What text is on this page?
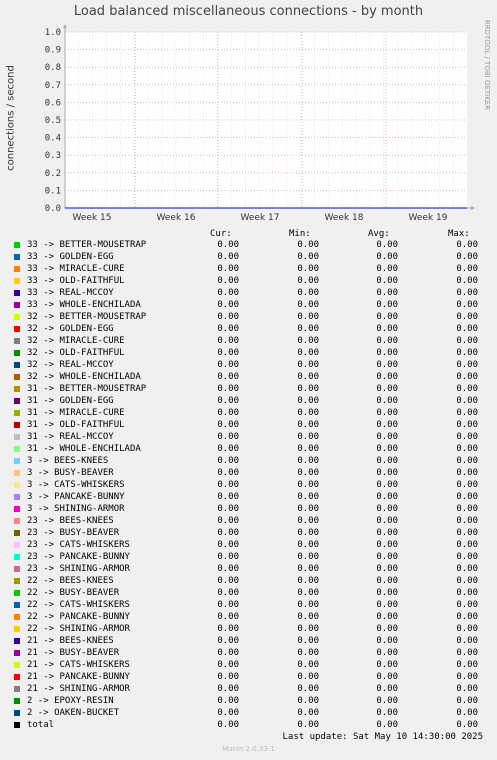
Load balanced miscellaneous connections - by month
connections / second
RRDTOOL / TOBI OETIKER
0.0
0.1
0.2
0.3
0.4
0.5
0.6
0.7
0.8
0.9
1.0
Week 15	Week 16	Week 17	Week 18	Week 19
Cur:	Min:	Avg:	Max:
33 -> BETTER-MOUSETRAP	0.00	0.00	0.00	0.00
33 -> GOLDEN-EGG	0.00	0.00	0.00	0.00
33 -> MIRACLE-CURE	0.00	0.00	0.00	0.00
33 -> OLD-FAITHFUL	0.00	0.00	0.00	0.00
33 -> REAL-MCCOY	0.00	0.00	0.00	0.00
33 -> WHOLE-ENCHILADA	0.00	0.00	0.00	0.00
32 -> BETTER-MOUSETRAP	0.00	0.00	0.00	0.00
32 -> GOLDEN-EGG	0.00	0.00	0.00	0.00
32 -> MIRACLE-CURE	0.00	0.00	0.00	0.00
32 -> OLD-FAITHFUL	0.00	0.00	0.00	0.00
32 -> REAL-MCCOY	0.00	0.00	0.00	0.00
32 -> WHOLE-ENCHILADA	0.00	0.00	0.00	0.00
31 -> BETTER-MOUSETRAP	0.00	0.00	0.00	0.00
31 -> GOLDEN-EGG	0.00	0.00	0.00	0.00
31 -> MIRACLE-CURE	0.00	0.00	0.00	0.00
31 -> OLD-FAITHFUL	0.00	0.00	0.00	0.00
31 -> REAL-MCCOY	0.00	0.00	0.00	0.00
31 -> WHOLE-ENCHILADA	0.00	0.00	0.00	0.00
3 -> BEES-KNEES	0.00	0.00	0.00	0.00
3 -> BUSY-BEAVER	0.00	0.00	0.00	0.00
3 -> CATS-WHISKERS	0.00	0.00	0.00	0.00
3 -> PANCAKE-BUNNY	0.00	0.00	0.00	0.00
3 -> SHINING-ARMOR	0.00	0.00	0.00	0.00
23 -> BEES-KNEES	0.00	0.00	0.00	0.00
23 -> BUSY-BEAVER	0.00	0.00	0.00	0.00
23 -> CATS-WHISKERS	0.00	0.00	0.00	0.00
23 -> PANCAKE-BUNNY	0.00	0.00	0.00	0.00
23 -> SHINING-ARMOR	0.00	0.00	0.00	0.00
22 -> BEES-KNEES	0.00	0.00	0.00	0.00
22 -> BUSY-BEAVER	0.00	0.00	0.00	0.00
22 -> CATS-WHISKERS	0.00	0.00	0.00	0.00
22 -> PANCAKE-BUNNY	0.00	0.00	0.00	0.00
22 -> SHINING-ARMOR	0.00	0.00	0.00	0.00
21 -> BEES-KNEES	0.00	0.00	0.00	0.00
21 -> BUSY-BEAVER	0.00	0.00	0.00	0.00
21 -> CATS-WHISKERS	0.00	0.00	0.00	0.00
21 -> PANCAKE-BUNNY	0.00	0.00	0.00	0.00
21 -> SHINING-ARMOR	0.00	0.00	0.00	0.00
2 -> EPOXY-RESIN	0.00	0.00	0.00	0.00
2 -> OAKEN-BUCKET	0.00	0.00	0.00	0.00
total	0.00	0.00	0.00	0.00
Last update: Sat May 10 14:30:00 2025
Munin 2.0.33-1
